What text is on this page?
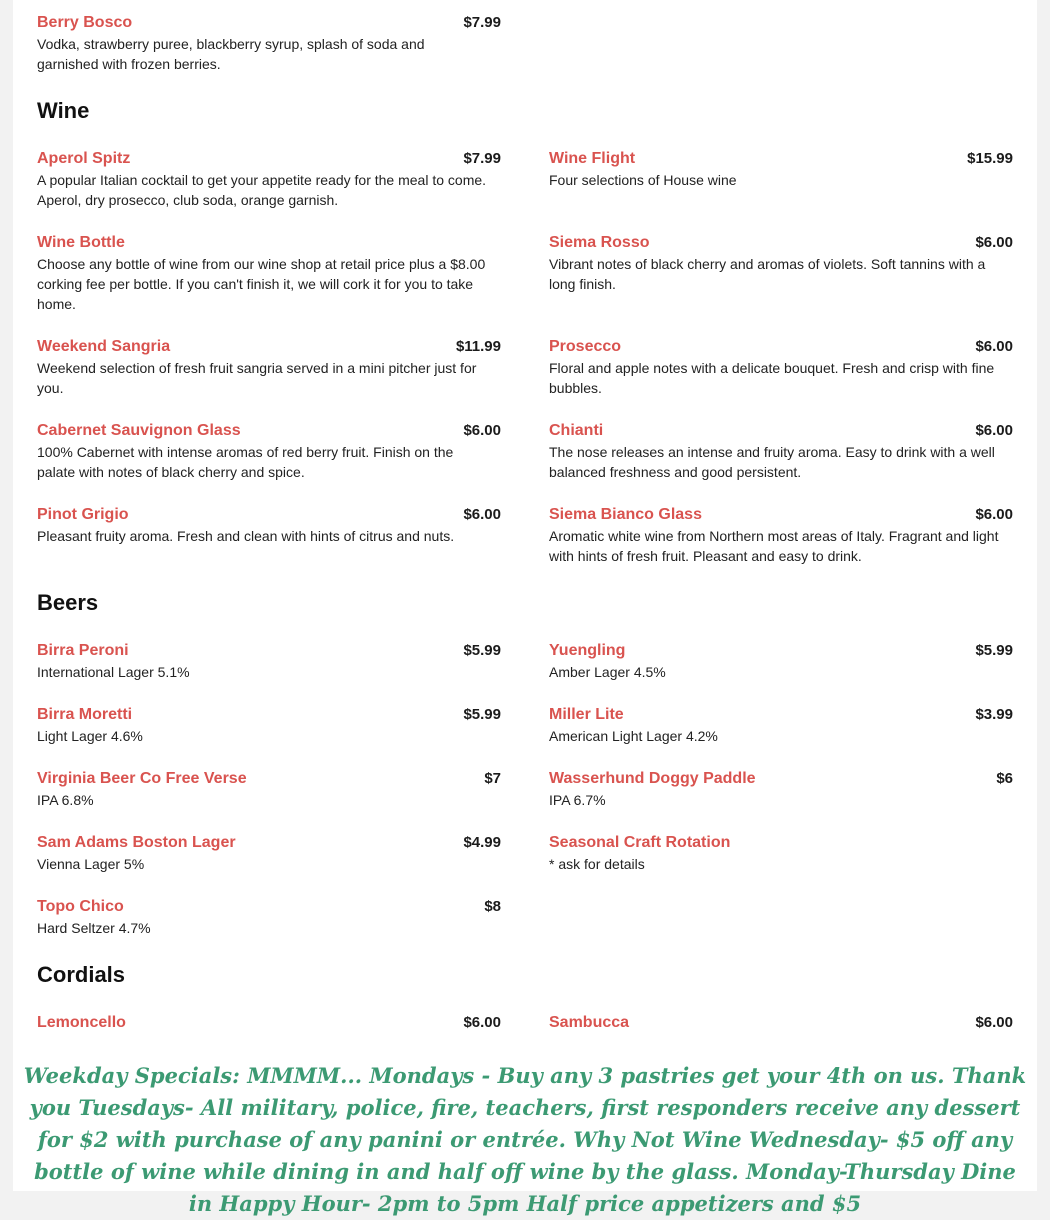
Berry Bosco	$7.99
Vodka, strawberry puree, blackberry syrup, splash of soda and garnished with frozen berries.
Wine
Aperol Spitz	$7.99
A popular Italian cocktail to get your appetite ready for the meal to come. Aperol, dry prosecco, club soda, orange garnish.
Wine Flight	$15.99
Four selections of House wine
Wine Bottle
Choose any bottle of wine from our wine shop at retail price plus a $8.00 corking fee per bottle. If you can't finish it, we will cork it for you to take home.
Siema Rosso	$6.00
Vibrant notes of black cherry and aromas of violets. Soft tannins with a long finish.
Weekend Sangria	$11.99
Weekend selection of fresh fruit sangria served in a mini pitcher just for you.
Prosecco	$6.00
Floral and apple notes with a delicate bouquet. Fresh and crisp with fine bubbles.
Cabernet Sauvignon Glass	$6.00
100% Cabernet with intense aromas of red berry fruit. Finish on the palate with notes of black cherry and spice.
Chianti	$6.00
The nose releases an intense and fruity aroma. Easy to drink with a well balanced freshness and good persistent.
Pinot Grigio	$6.00
Pleasant fruity aroma. Fresh and clean with hints of citrus and nuts.
Siema Bianco Glass	$6.00
Aromatic white wine from Northern most areas of Italy. Fragrant and light with hints of fresh fruit. Pleasant and easy to drink.
Beers
Birra Peroni	$5.99
International Lager 5.1%
Yuengling	$5.99
Amber Lager 4.5%
Birra Moretti	$5.99
Light Lager 4.6%
Miller Lite	$3.99
American Light Lager 4.2%
Virginia Beer Co Free Verse	$7
IPA 6.8%
Wasserhund Doggy Paddle	$6
IPA 6.7%
Sam Adams Boston Lager	$4.99
Vienna Lager 5%
Seasonal Craft Rotation
* ask for details
Topo Chico	$8
Hard Seltzer 4.7%
Cordials
Lemoncello	$6.00	Sambucca	$6.00
Weekday Specials: MMMM... Mondays - Buy any 3 pastries get your 4th on us. Thank you Tuesdays- All military, police, fire, teachers, first responders receive any dessert for $2 with purchase of any panini or entrée. Why Not Wine Wednesday- $5 off any bottle of wine while dining in and half off wine by the glass. Monday-Thursday Dine in Happy Hour- 2pm to 5pm Half price appetizers and $5
